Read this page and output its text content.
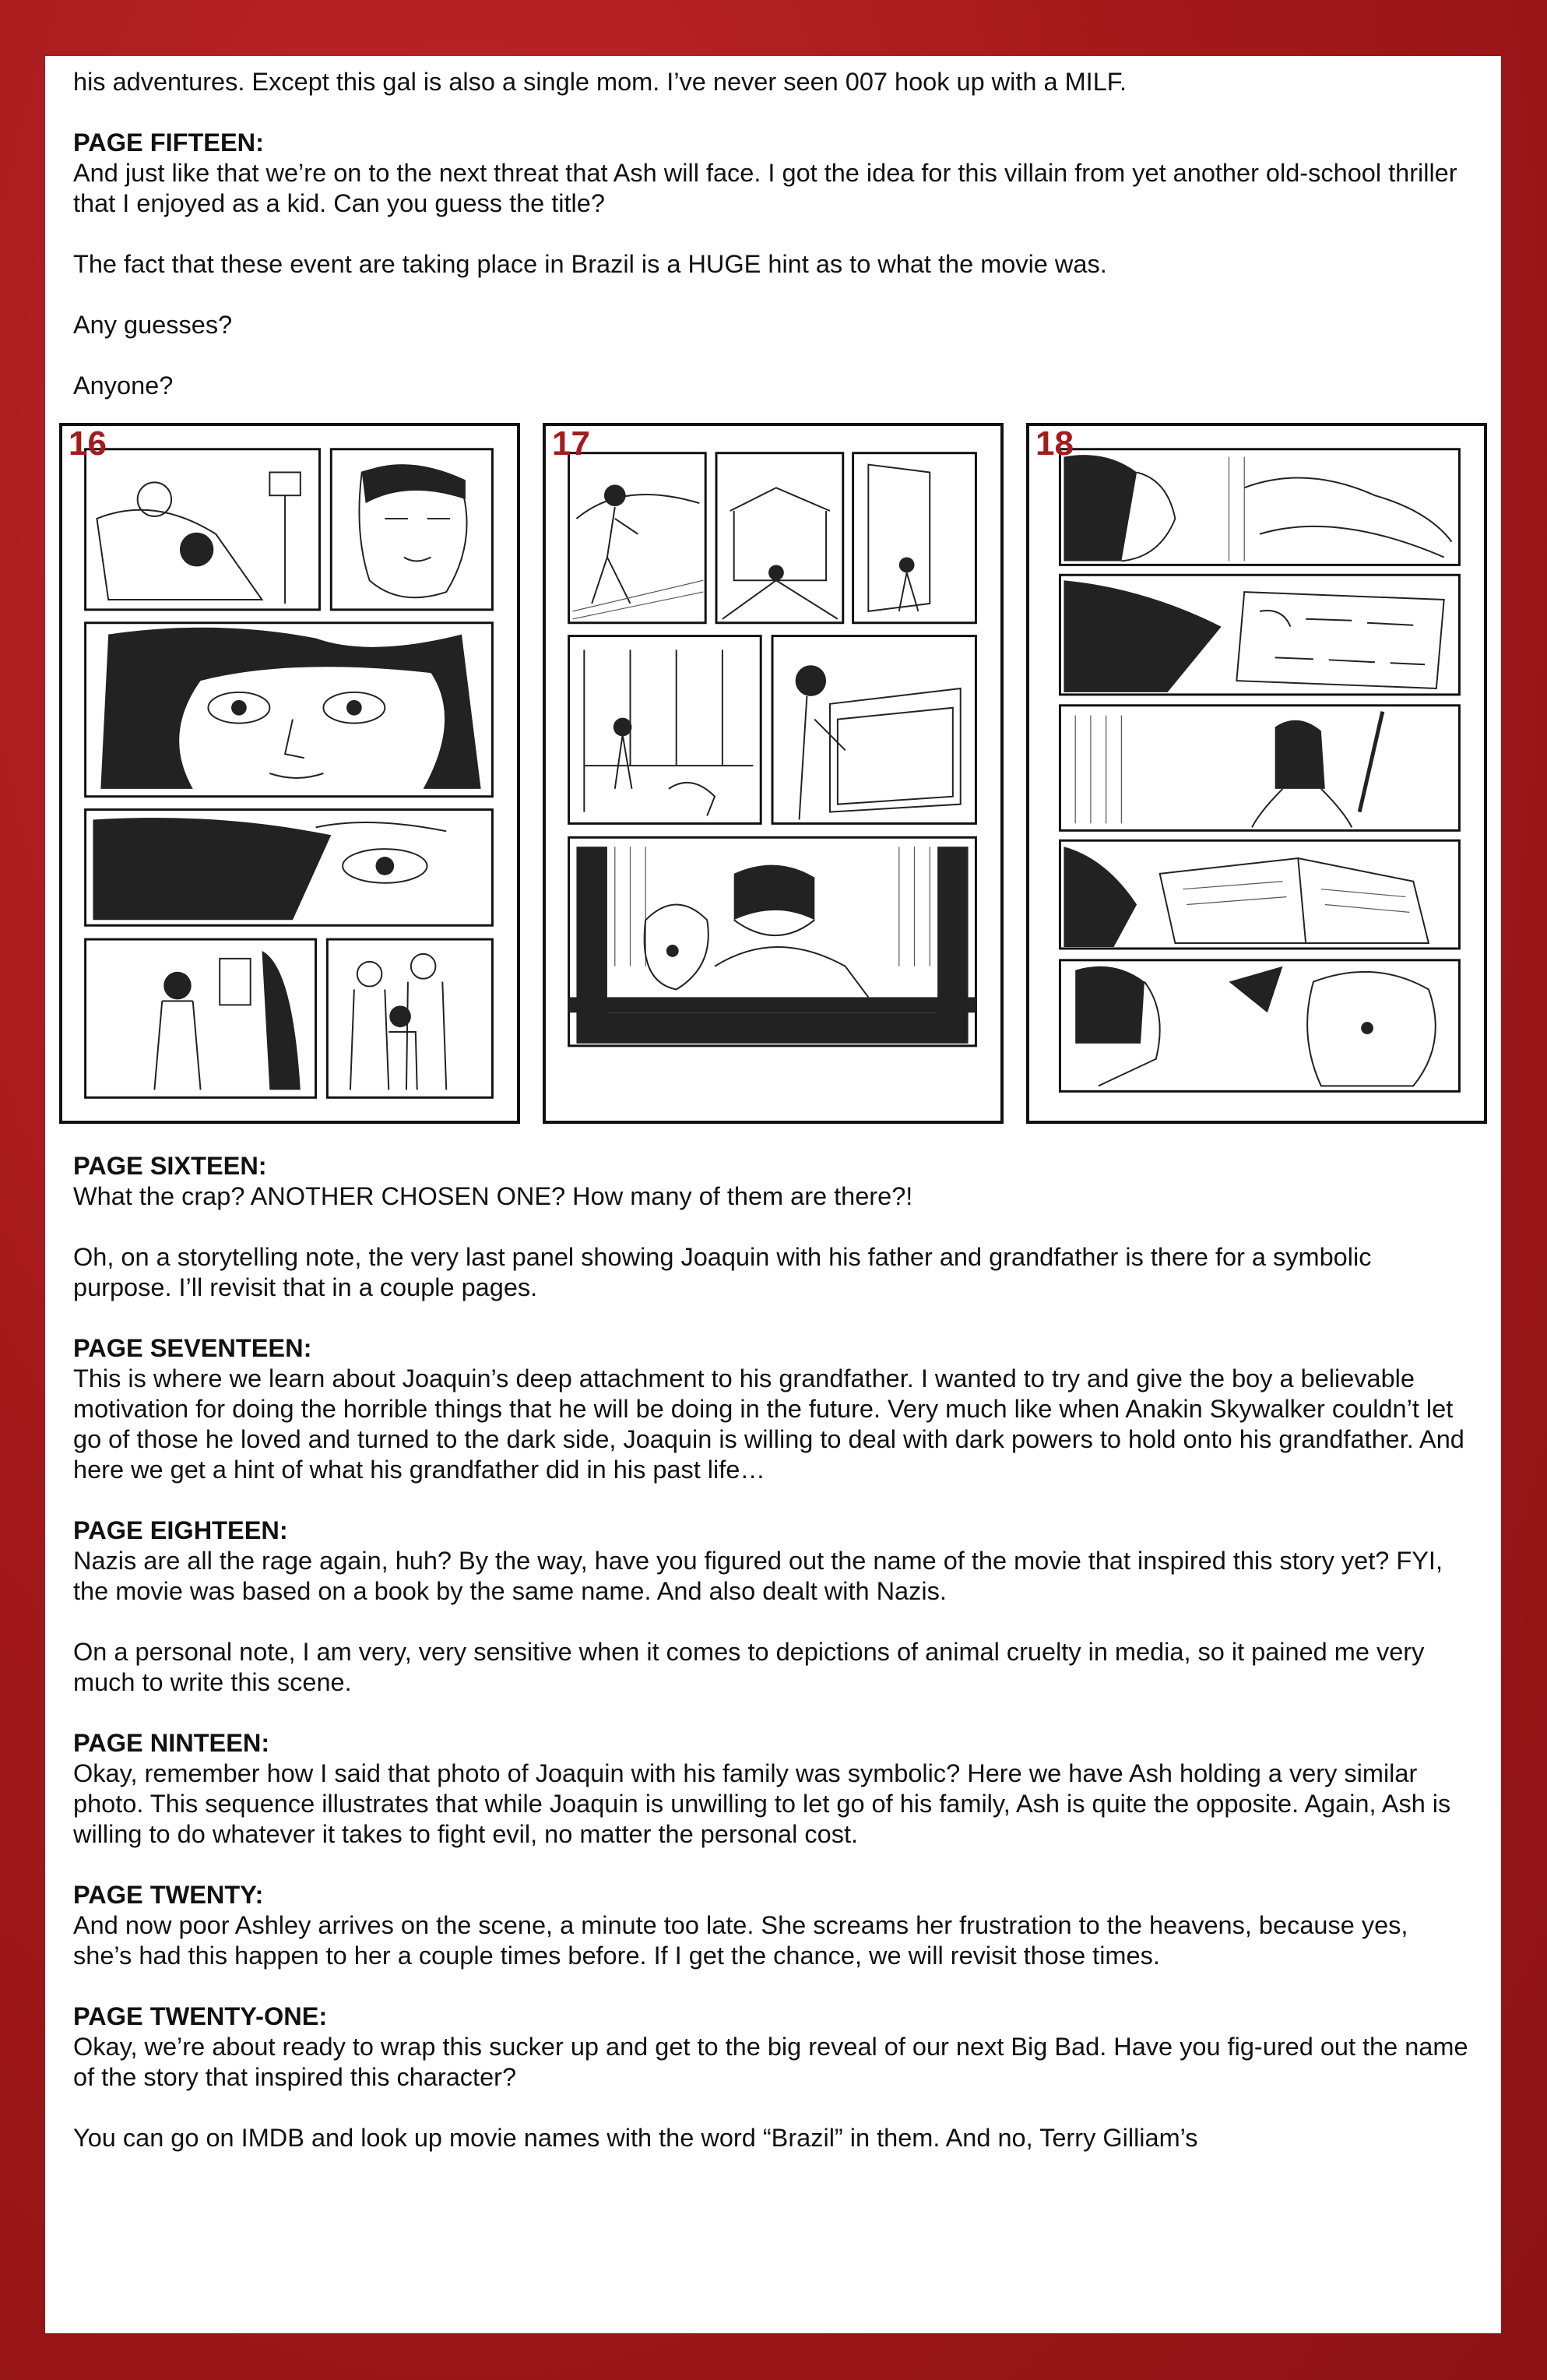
his adventures. Except this gal is also a single mom. I’ve never seen 007 hook up with a MILF.

PAGE FIFTEEN:
And just like that we’re on to the next threat that Ash will face. I got the idea for this villain from yet another old-school thriller that I enjoyed as a kid. Can you guess the title?

The fact that these event are taking place in Brazil is a HUGE hint as to what the movie was.

Any guesses?

Anyone?

16	17	18

PAGE SIXTEEN:
What the crap? ANOTHER CHOSEN ONE? How many of them are there?!

Oh, on a storytelling note, the very last panel showing Joaquin with his father and grandfather is there for a symbolic purpose. I’ll revisit that in a couple pages.

PAGE SEVENTEEN:
This is where we learn about Joaquin’s deep attachment to his grandfather. I wanted to try and give the boy a believable motivation for doing the horrible things that he will be doing in the future. Very much like when Anakin Skywalker couldn’t let go of those he loved and turned to the dark side, Joaquin is willing to deal with dark powers to hold onto his grandfather. And here we get a hint of what his grandfather did in his past life…

PAGE EIGHTEEN:
Nazis are all the rage again, huh? By the way, have you figured out the name of the movie that inspired this story yet? FYI, the movie was based on a book by the same name. And also dealt with Nazis.

On a personal note, I am very, very sensitive when it comes to depictions of animal cruelty in media, so it pained me very much to write this scene.

PAGE NINTEEN:
Okay, remember how I said that photo of Joaquin with his family was symbolic? Here we have Ash holding a very similar photo. This sequence illustrates that while Joaquin is unwilling to let go of his family, Ash is quite the opposite. Again, Ash is willing to do whatever it takes to fight evil, no matter the personal cost.

PAGE TWENTY:
And now poor Ashley arrives on the scene, a minute too late. She screams her frustration to the heavens, because yes, she’s had this happen to her a couple times before. If I get the chance, we will revisit those times.

PAGE TWENTY-ONE:
Okay, we’re about ready to wrap this sucker up and get to the big reveal of our next Big Bad. Have you fig-ured out the name of the story that inspired this character?

You can go on IMDB and look up movie names with the word “Brazil” in them. And no, Terry Gilliam’s
